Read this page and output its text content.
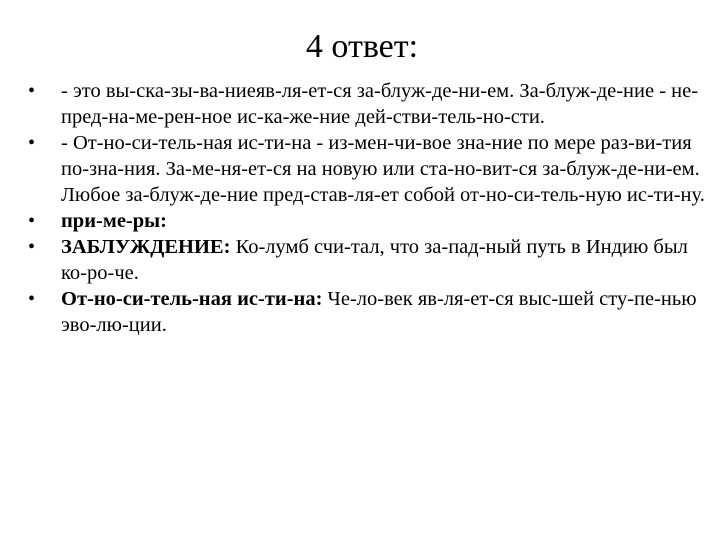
4 ответ:
•	- это вы-ска-зы-ва-ниеяв-ля-ет-ся за-блуж-де-ни-ем. За-блуж-де-ние - не-пред-на-ме-рен-ное ис-ка-же-ние дей-стви-тель-но-сти.
•	- От-но-си-тель-ная ис-ти-на - из-мен-чи-вое зна-ние по мере раз-ви-тия по-зна-ния. За-ме-ня-ет-ся на новую или ста-но-вит-ся за-блуж-де-ни-ем. Любое за-блуж-де-ние пред-став-ля-ет собой от-но-си-тель-ную ис-ти-ну.
•	при-ме-ры:
•	ЗАБЛУЖДЕНИЕ: Ко-лумб счи-тал, что за-пад-ный путь в Индию был ко-ро-че.
•	От-но-си-тель-ная ис-ти-на: Че-ло-век яв-ля-ет-ся выс-шей сту-пе-нью эво-лю-ции.
